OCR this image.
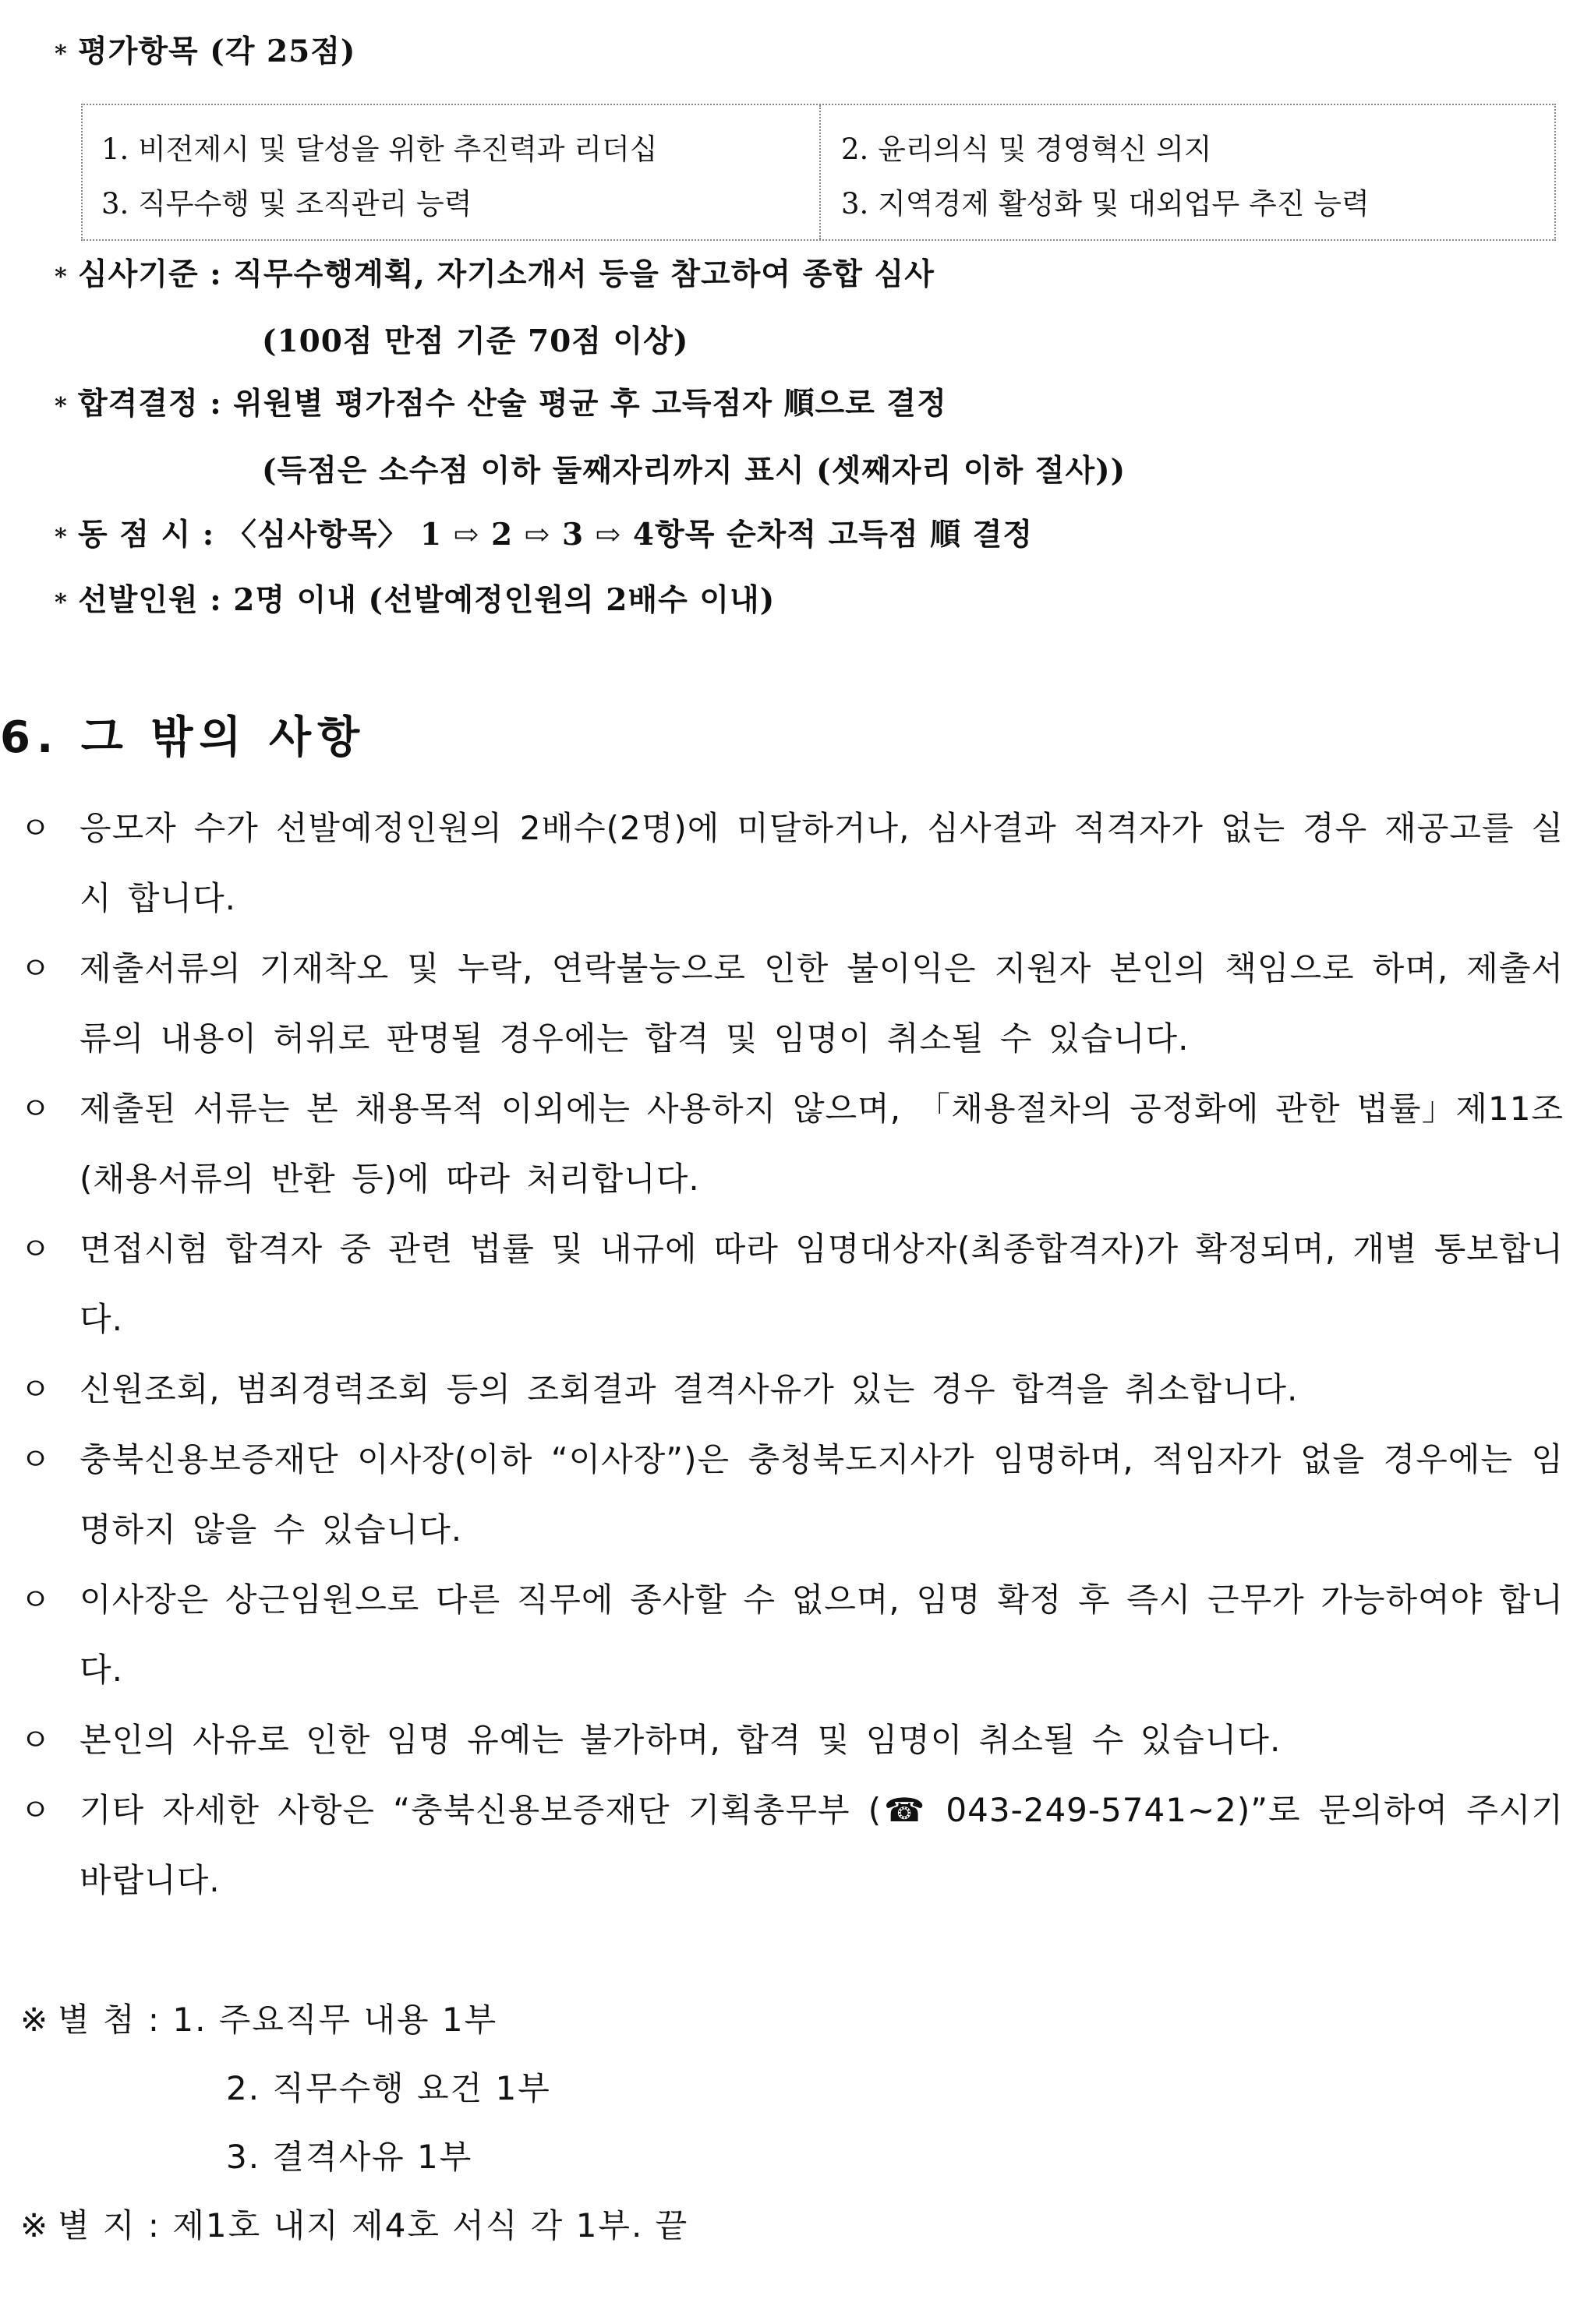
* 평가항목 (각 25점)
1. 비전제시 및 달성을 위한 추진력과 리더십
3. 직무수행 및 조직관리 능력
2. 윤리의식 및 경영혁신 의지
3. 지역경제 활성화 및 대외업무 추진 능력
* 심사기준 : 직무수행계획, 자기소개서 등을 참고하여 종합 심사
(100점 만점 기준 70점 이상)
* 합격결정 : 위원별 평가점수 산술 평균 후 고득점자 順으로 결정
(득점은 소수점 이하 둘째자리까지 표시 (셋째자리 이하 절사))
* 동 점 시 : 〈심사항목〉 1 ⇨ 2 ⇨ 3 ⇨ 4항목 순차적 고득점 順 결정
* 선발인원 : 2명 이내 (선발예정인원의 2배수 이내)
6. 그 밖의 사항
ㅇ 응모자 수가 선발예정인원의 2배수(2명)에 미달하거나, 심사결과 적격자가 없는 경우 재공고를 실시 합니다.
ㅇ 제출서류의 기재착오 및 누락, 연락불능으로 인한 불이익은 지원자 본인의 책임으로 하며, 제출서류의 내용이 허위로 판명될 경우에는 합격 및 임명이 취소될 수 있습니다.
ㅇ 제출된 서류는 본 채용목적 이외에는 사용하지 않으며, 「채용절차의 공정화에 관한 법률」제11조(채용서류의 반환 등)에 따라 처리합니다.
ㅇ 면접시험 합격자 중 관련 법률 및 내규에 따라 임명대상자(최종합격자)가 확정되며, 개별 통보합니다.
ㅇ 신원조회, 범죄경력조회 등의 조회결과 결격사유가 있는 경우 합격을 취소합니다.
ㅇ 충북신용보증재단 이사장(이하 “이사장”)은 충청북도지사가 임명하며, 적임자가 없을 경우에는 임명하지 않을 수 있습니다.
ㅇ 이사장은 상근임원으로 다른 직무에 종사할 수 없으며, 임명 확정 후 즉시 근무가 가능하여야 합니다.
ㅇ 본인의 사유로 인한 임명 유예는 불가하며, 합격 및 임명이 취소될 수 있습니다.
ㅇ 기타 자세한 사항은 “충북신용보증재단 기획총무부 (☎ 043-249-5741~2)”로 문의하여 주시기 바랍니다.
※ 별 첨 : 1. 주요직무 내용 1부
2. 직무수행 요건 1부
3. 결격사유 1부
※ 별 지 : 제1호 내지 제4호 서식 각 1부. 끝
